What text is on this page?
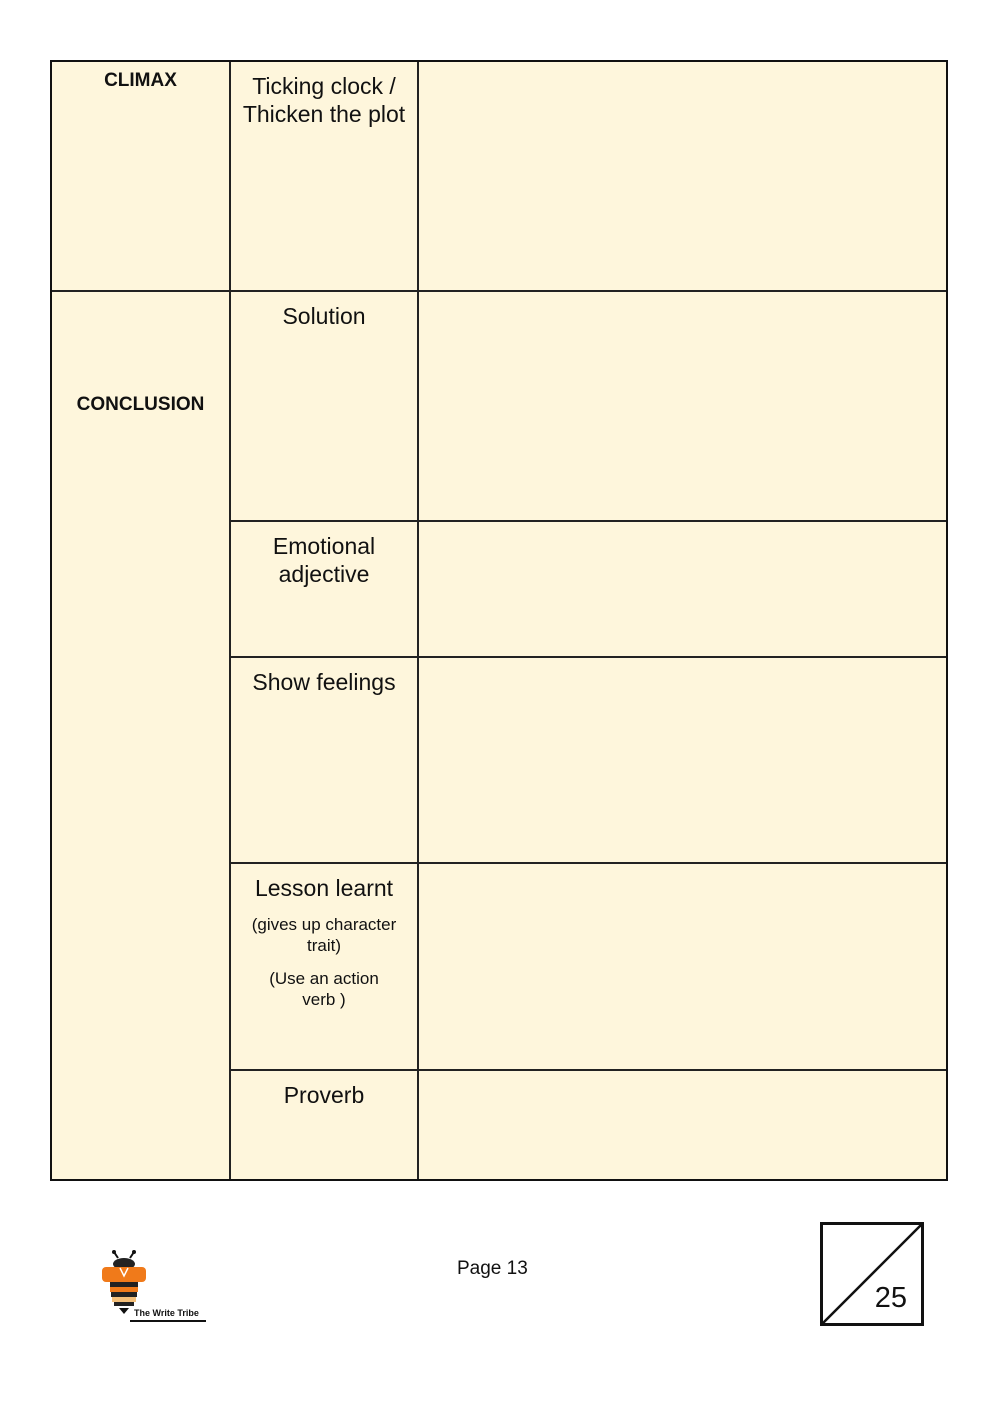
CLIMAX
CONCLUSION
Ticking clock /
Thicken the plot
Solution
Emotional
adjective
Show feelings
Lesson learnt
(gives up character trait)
(Use an action verb )
Proverb
The Write Tribe
Page 13
25
